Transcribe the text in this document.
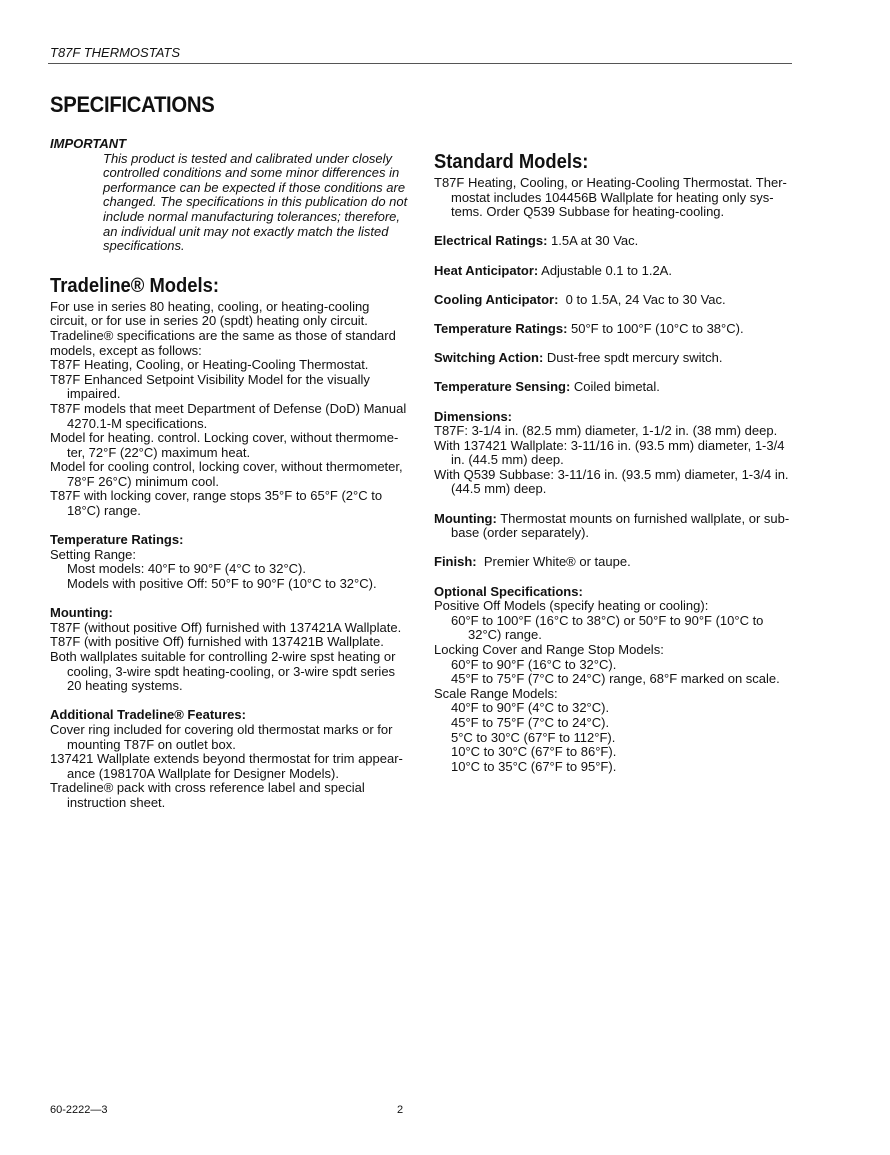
T87F THERMOSTATS
SPECIFICATIONS
IMPORTANT

This product is tested and calibrated under closely controlled conditions and some minor differences in performance can be expected if those conditions are changed. The specifications in this publication do not include normal manufacturing tolerances; therefore, an individual unit may not exactly match the listed specifications.

Tradeline® Models:

For use in series 80 heating, cooling, or heating-cooling circuit, or for use in series 20 (spdt) heating only circuit. Tradeline® specifications are the same as those of standard models, except as follows:

T87F Heating, Cooling, or Heating-Cooling Thermostat.

T87F Enhanced Setpoint Visibility Model for the visually impaired.

T87F models that meet Department of Defense (DoD) Manual 4270.1-M specifications.

Model for heating. control. Locking cover, without thermome-ter, 72°F (22°C) maximum heat.

Model for cooling control, locking cover, without thermometer, 78°F 26°C) minimum cool.

T87F with locking cover, range stops 35°F to 65°F (2°C to 18°C) range.

Temperature Ratings:

Setting Range:

Most models: 40°F to 90°F (4°C to 32°C).

Models with positive Off: 50°F to 90°F (10°C to 32°C).

Mounting:

T87F (without positive Off) furnished with 137421A Wallplate.

T87F (with positive Off) furnished with 137421B Wallplate.

Both wallplates suitable for controlling 2-wire spst heating or cooling, 3-wire spdt heating-cooling, or 3-wire spdt series 20 heating systems.

Additional Tradeline® Features:

Cover ring included for covering old thermostat marks or for mounting T87F on outlet box.

137421 Wallplate extends beyond thermostat for trim appear-ance (198170A Wallplate for Designer Models).

Tradeline® pack with cross reference label and special instruction sheet.

Standard Models:

T87F Heating, Cooling, or Heating-Cooling Thermostat. Ther-mostat includes 104456B Wallplate for heating only sys-tems. Order Q539 Subbase for heating-cooling.

Electrical Ratings: 1.5A at 30 Vac.

Heat Anticipator: Adjustable 0.1 to 1.2A.

Cooling Anticipator:  0 to 1.5A, 24 Vac to 30 Vac.

Temperature Ratings: 50°F to 100°F (10°C to 38°C).

Switching Action: Dust-free spdt mercury switch.

Temperature Sensing: Coiled bimetal.

Dimensions:

T87F: 3-1/4 in. (82.5 mm) diameter, 1-1/2 in. (38 mm) deep.

With 137421 Wallplate: 3-11/16 in. (93.5 mm) diameter, 1-3/4 in. (44.5 mm) deep.

With Q539 Subbase: 3-11/16 in. (93.5 mm) diameter, 1-3/4 in. (44.5 mm) deep.

Mounting: Thermostat mounts on furnished wallplate, or sub-base (order separately).

Finish:  Premier White® or taupe.

Optional Specifications:

Positive Off Models (specify heating or cooling):

60°F to 100°F (16°C to 38°C) or 50°F to 90°F (10°C to 32°C) range.

Locking Cover and Range Stop Models:

60°F to 90°F (16°C to 32°C).

45°F to 75°F (7°C to 24°C) range, 68°F marked on scale.

Scale Range Models:

40°F to 90°F (4°C to 32°C).

45°F to 75°F (7°C to 24°C).

5°C to 30°C (67°F to 112°F).

10°C to 30°C (67°F to 86°F).

10°C to 35°C (67°F to 95°F).

60-2222—3	2
